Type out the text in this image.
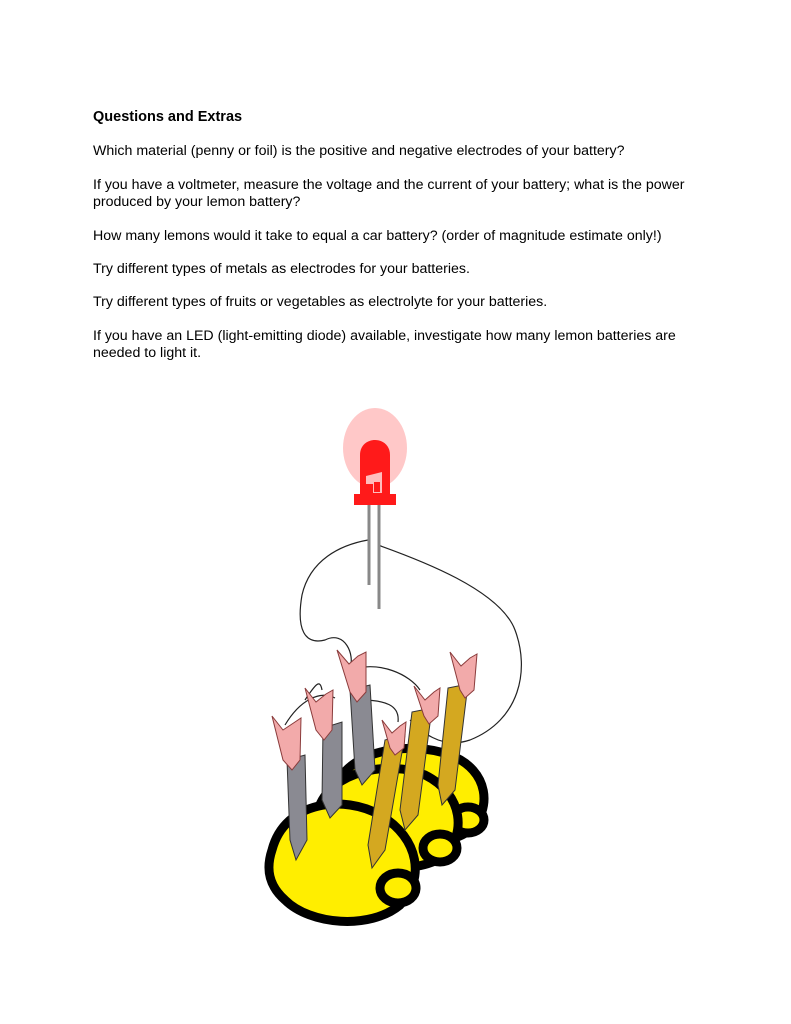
Questions and Extras

Which material (penny or foil) is the positive and negative electrodes of your battery?

If you have a voltmeter, measure the voltage and the current of your battery; what is the power produced by your lemon battery?

How many lemons would it take to equal a car battery? (order of magnitude estimate only!)

Try different types of metals as electrodes for your batteries.

Try different types of fruits or vegetables as electrolyte for your batteries.

If you have an LED (light-emitting diode) available, investigate how many lemon batteries are needed to light it.
